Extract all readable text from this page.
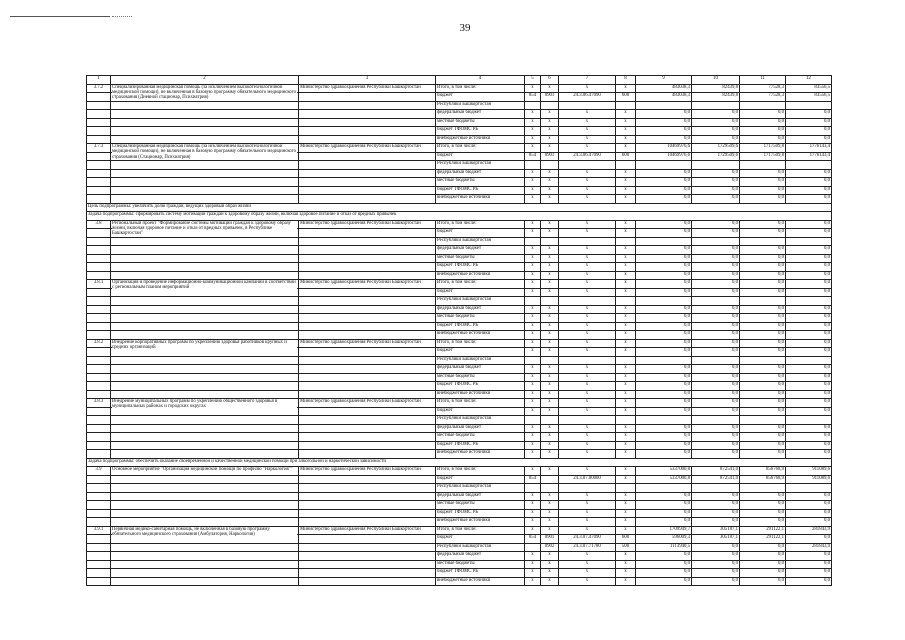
39
1	2	3	4	5	6	7	8	9	10	11	12
3.7.2	Специализированная медицинская помощь (за исключением высокотехнологичной медицинской помощи), не включенная в базовую программу обязательного медицинского страхования (Дневной стационар, Психиатрия)	Министерство здравоохранения Республики Башкортостан	Итого, в том числе:	x	x	x	x	483038,3	82439,8	77528,3	83556,5
			бюджет	854	0901	24.3.06.47090	600	483038,3	82439,8	77528,3	83556,5
			Республики Башкортостан								
			федеральный бюджет	x	x	x	x	0,0	0,0	0,0	0,0
			местные бюджеты	x	x	x	x	0,0	0,0	0,0	0,0
			бюджет ТФОМС РБ	x	x	x	x	0,0	0,0	0,0	0,0
			внебюджетные источники	x	x	x	x	0,0	0,0	0,0	0,0
3.7.3	Специализированная медицинская помощь (за исключением высокотехнологичной медицинской помощи), не включенная в базовую программу обязательного медицинского страхования (Стационар, Психиатрия)	Министерство здравоохранения Республики Башкортостан	Итого, в том числе:	x	x	x	x	10469976,6	1729509,6	1717509,8	1776143,4
			бюджет	854	0901	24.3.06.47090	600	10469976,6	1729509,6	1717509,8	1776143,4
			Республики Башкортостан								
			федеральный бюджет	x	x	x	x	0,0	0,0	0,0	0,0
			местные бюджеты	x	x	x	x	0,0	0,0	0,0	0,0
			бюджет ТФОМС РБ	x	x	x	x	0,0	0,0	0,0	0,0
			внебюджетные источники	x	x	x	x	0,0	0,0	0,0	0,0
Цель подпрограммы: увеличить долю граждан, ведущих здоровый образ жизни											
Задача подпрограммы: сформировать систему мотивации граждан к здоровому образу жизни, включая здоровое питание и отказ от вредных привычек											
3.8	Региональный проект "Формирование системы мотивации граждан к здоровому образу жизни, включая здоровое питание и отказ от вредных привычек, в Республике Башкортостан"	Министерство здравоохранения Республики Башкортостан	Итого, в том числе:	x	x	x	x	0,0	0,0	0,0	0,0
			бюджет	x	x	x	x	0,0	0,0	0,0	0,0
			Республики Башкортостан								
			федеральный бюджет	x	x	x	x	0,0	0,0	0,0	0,0
			местные бюджеты	x	x	x	x	0,0	0,0	0,0	0,0
			бюджет ТФОМС РБ	x	x	x	x	0,0	0,0	0,0	0,0
			внебюджетные источники	x	x	x	x	0,0	0,0	0,0	0,0
3.8.1	Организация и проведение информационно-коммуникационной кампании в соответствии с региональным планом мероприятий	Министерство здравоохранения Республики Башкортостан	Итого, в том числе:	x	x	x	x	0,0	0,0	0,0	0,0
			бюджет	x	x	x	x	0,0	0,0	0,0	0,0
			Республики Башкортостан								
			федеральный бюджет	x	x	x	x	0,0	0,0	0,0	0,0
			местные бюджеты	x	x	x	x	0,0	0,0	0,0	0,0
			бюджет ТФОМС РБ	x	x	x	x	0,0	0,0	0,0	0,0
			внебюджетные источники	x	x	x	x	0,0	0,0	0,0	0,0
3.8.2	Внедрение корпоративных программ по укреплению здоровья работников крупных и средних организаций	Министерство здравоохранения Республики Башкортостан	Итого, в том числе:	x	x	x	x	0,0	0,0	0,0	0,0
			бюджет	x	x	x	x	0,0	0,0	0,0	0,0
			Республики Башкортостан								
			федеральный бюджет	x	x	x	x	0,0	0,0	0,0	0,0
			местные бюджеты	x	x	x	x	0,0	0,0	0,0	0,0
			бюджет ТФОМС РБ	x	x	x	x	0,0	0,0	0,0	0,0
			внебюджетные источники	x	x	x	x	0,0	0,0	0,0	0,0
3.8.3	Внедрение муниципальных программ по укреплению общественного здоровья в муниципальных районах и городских округах	Министерство здравоохранения Республики Башкортостан	Итого, в том числе:	x	x	x	x	0,0	0,0	0,0	0,0
			бюджет	x	x	x	x	0,0	0,0	0,0	0,0
			Республики Башкортостан								
			федеральный бюджет	x	x	x	x	0,0	0,0	0,0	0,0
			местные бюджеты	x	x	x	x	0,0	0,0	0,0	0,0
			бюджет ТФОМС РБ	x	x	x	x	0,0	0,0	0,0	0,0
			внебюджетные источники	x	x	x	x	0,0	0,0	0,0	0,0
Задача подпрограммы: обеспечить оказание своевременной и качественной медицинской помощи при алкогольной и наркотической зависимости											
3.9	Основное мероприятие "Организация медицинской помощи по профилю "Наркология""	Министерство здравоохранения Республики Башкортостан	Итого, в том числе:	x	x	x	x	5337000,8	872541,0	856768,9	911089,6
			бюджет	854		24.3.07.00000	x	5337000,8	872541,0	856768,9	911089,6
			Республики Башкортостан								
			федеральный бюджет	x	x	x	x	0,0	0,0	0,0	0,0
			местные бюджеты	x	x	x	x	0,0	0,0	0,0	0,0
			бюджет ТФОМС РБ	x	x	x	x	0,0	0,0	0,0	0,0
			внебюджетные источники	x	x	x	x	0,0	0,0	0,0	0,0
3.9.1	Первичная медико-санитарная помощь, не включенная в базовую программу обязательного медицинского страхования (Амбулатория, Наркология)	Министерство здравоохранения Республики Башкортостан	Итого, в том числе:	x	x	x	x	1709949,7	305187,1	291122,1	281843,9
			бюджет	854	0901	24.3.07.47090	600	596009,3	305187,1	291122,1	0,0
			Республики Башкортостан		0902	24.3.07.71780	500	1113940,5	0,0	0,0	281843,9
			федеральный бюджет	x	x	x	x	0,0	0,0	0,0	0,0
			местные бюджеты	x	x	x	x	0,0	0,0	0,0	0,0
			бюджет ТФОМС РБ	x	x	x	x	0,0	0,0	0,0	0,0
			внебюджетные источники	x	x	x	x	0,0	0,0	0,0	0,0
